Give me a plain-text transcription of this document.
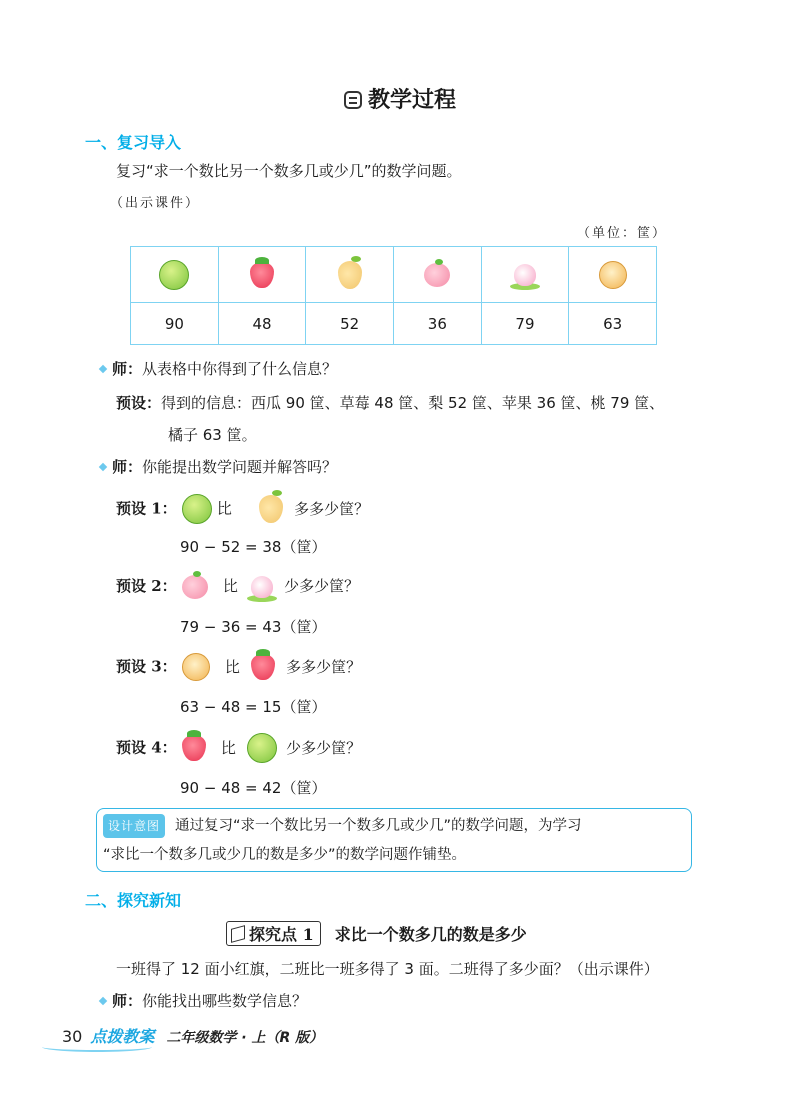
教学过程
一、复习导入
复习“求一个数比另一个数多几或少几”的数学问题。
（出示课件）
（单位：筐）

90	48	52	36	79	63
师：从表格中你得到了什么信息？
预设：得到的信息：西瓜 90 筐、草莓 48 筐、梨 52 筐、苹果 36 筐、桃 79 筐、
橘子 63 筐。
师：你能提出数学问题并解答吗？
预设 1：	比	多多少筐？
90 − 52 = 38（筐）
预设 2：	比	少多少筐？
79 − 36 = 43（筐）
预设 3：	比	多多少筐？
63 − 48 = 15（筐）
预设 4：	比	少多少筐？
90 − 48 = 42（筐）
设计意图 通过复习“求一个数比另一个数多几或少几”的数学问题，为学习
“求比一个数多几或少几的数是多少”的数学问题作铺垫。
二、探究新知
探究点 1 求比一个数多几的数是多少
一班得了 12 面小红旗，二班比一班多得了 3 面。二班得了多少面？（出示课件）
师：你能找出哪些数学信息？
30 点拨教案 二年级数学 · 上（R 版）
